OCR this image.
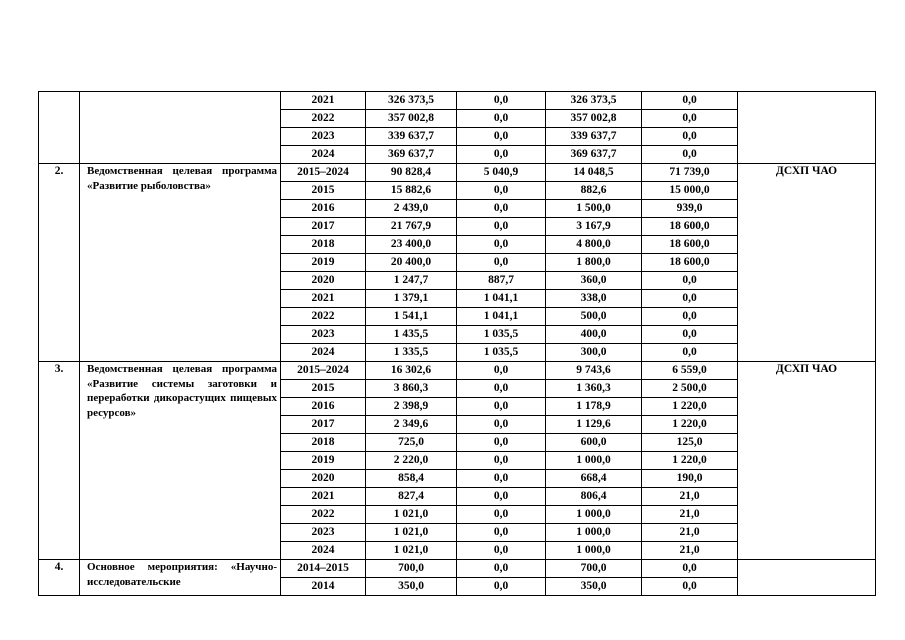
		2021	326 373,5	0,0	326 373,5	0,0	
		2022	357 002,8	0,0	357 002,8	0,0	
		2023	339 637,7	0,0	339 637,7	0,0	
		2024	369 637,7	0,0	369 637,7	0,0	
2.	Ведомственная целевая программа «Развитие рыболовства»	2015–2024	90 828,4	5 040,9	14 048,5	71 739,0	ДСХП ЧАО
		2015	15 882,6	0,0	882,6	15 000,0	
		2016	2 439,0	0,0	1 500,0	939,0	
		2017	21 767,9	0,0	3 167,9	18 600,0	
		2018	23 400,0	0,0	4 800,0	18 600,0	
		2019	20 400,0	0,0	1 800,0	18 600,0	
		2020	1 247,7	887,7	360,0	0,0	
		2021	1 379,1	1 041,1	338,0	0,0	
		2022	1 541,1	1 041,1	500,0	0,0	
		2023	1 435,5	1 035,5	400,0	0,0	
		2024	1 335,5	1 035,5	300,0	0,0	
3.	Ведомственная целевая программа «Развитие системы заготовки и переработки дикорастущих пищевых ресурсов»	2015–2024	16 302,6	0,0	9 743,6	6 559,0	ДСХП ЧАО
		2015	3 860,3	0,0	1 360,3	2 500,0	
		2016	2 398,9	0,0	1 178,9	1 220,0	
		2017	2 349,6	0,0	1 129,6	1 220,0	
		2018	725,0	0,0	600,0	125,0	
		2019	2 220,0	0,0	1 000,0	1 220,0	
		2020	858,4	0,0	668,4	190,0	
		2021	827,4	0,0	806,4	21,0	
		2022	1 021,0	0,0	1 000,0	21,0	
		2023	1 021,0	0,0	1 000,0	21,0	
		2024	1 021,0	0,0	1 000,0	21,0	
4.	Основное мероприятия: «Научно-исследовательские	2014–2015	700,0	0,0	700,0	0,0	
		2014	350,0	0,0	350,0	0,0	
